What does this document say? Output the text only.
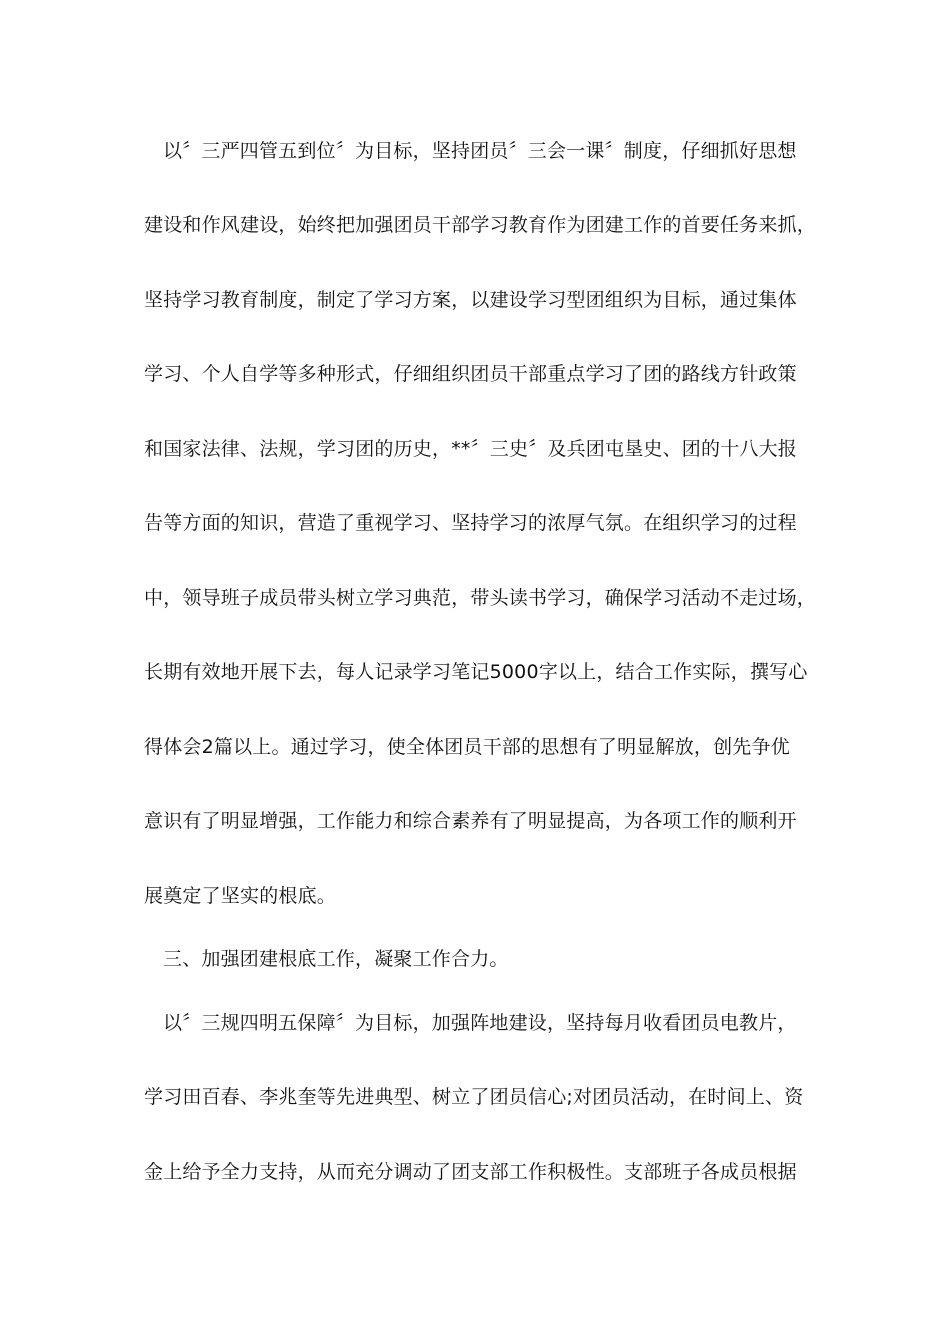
以〞三严四管五到位〞为目标，坚持团员〞三会一课〞制度，仔细抓好思想
建设和作风建设，始终把加强团员干部学习教育作为团建工作的首要任务来抓，
坚持学习教育制度，制定了学习方案，以建设学习型团组织为目标，通过集体
学习、个人自学等多种形式，仔细组织团员干部重点学习了团的路线方针政策
和国家法律、法规，学习团的历史，**〞三史〞及兵团屯垦史、团的十八大报
告等方面的知识，营造了重视学习、坚持学习的浓厚气氛。在组织学习的过程
中，领导班子成员带头树立学习典范，带头读书学习，确保学习活动不走过场，
长期有效地开展下去，每人记录学习笔记5000字以上，结合工作实际，撰写心
得体会2篇以上。通过学习，使全体团员干部的思想有了明显解放，创先争优
意识有了明显增强，工作能力和综合素养有了明显提高，为各项工作的顺利开
展奠定了坚实的根底。
三、加强团建根底工作，凝聚工作合力。
以〞三规四明五保障〞为目标，加强阵地建设，坚持每月收看团员电教片，
学习田百春、李兆奎等先进典型、树立了团员信心;对团员活动，在时间上、资
金上给予全力支持，从而充分调动了团支部工作积极性。支部班子各成员根据
